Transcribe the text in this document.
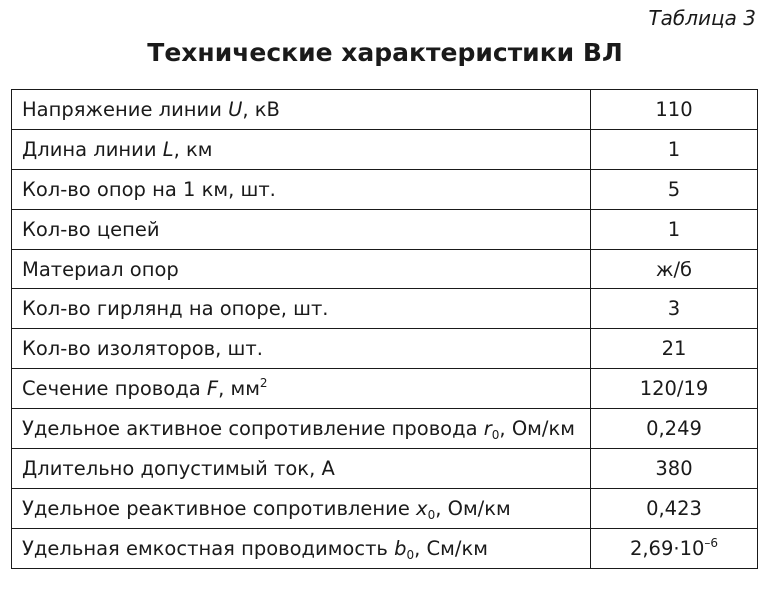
Таблица 3
Технические характеристики ВЛ
Напряжение линии U, кВ	110
Длина линии L, км	1
Кол-во опор на 1 км, шт.	5
Кол-во цепей	1
Материал опор	ж/б
Кол-во гирлянд на опоре, шт.	3
Кол-во изоляторов, шт.	21
Сечение провода F, $мм^2$	120/19
Удельное активное сопротивление провода $r_0$, Ом/км	0,249
Длительно допустимый ток, А	380
Удельное реактивное сопротивление $x_0$, Ом/км	0,423
Удельная емкостная проводимость $b_0$, См/км	$2,69\cdot 10^{-6}$
